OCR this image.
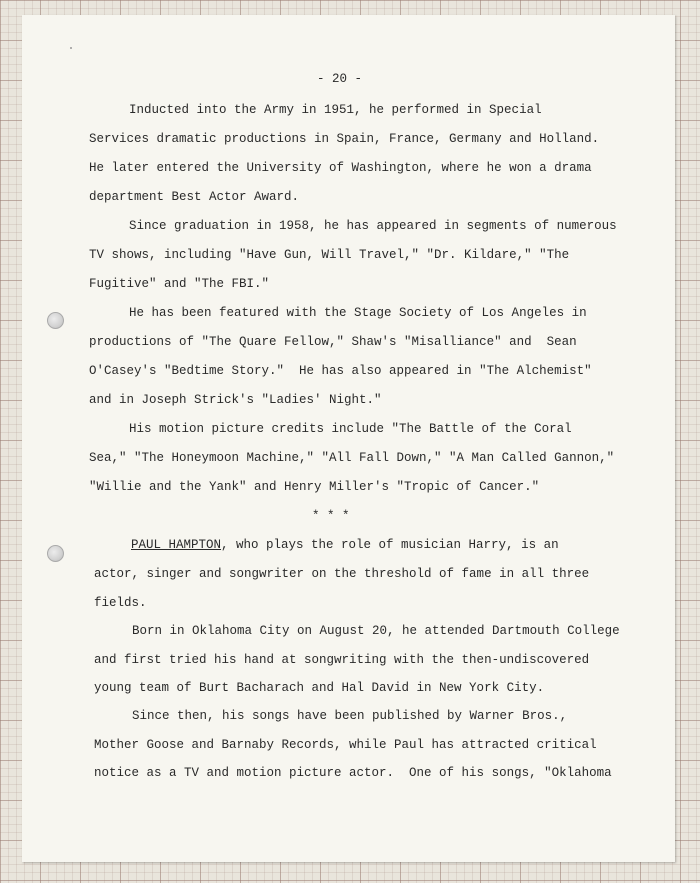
- 20 -
Inducted into the Army in 1951, he performed in Special
Services dramatic productions in Spain, France, Germany and Holland.
He later entered the University of Washington, where he won a drama
department Best Actor Award.
Since graduation in 1958, he has appeared in segments of numerous
TV shows, including "Have Gun, Will Travel," "Dr. Kildare," "The
Fugitive" and "The FBI."
He has been featured with the Stage Society of Los Angeles in
productions of "The Quare Fellow," Shaw's "Misalliance" and  Sean
O'Casey's "Bedtime Story."  He has also appeared in "The Alchemist"
and in Joseph Strick's "Ladies' Night."
His motion picture credits include "The Battle of the Coral
Sea," "The Honeymoon Machine," "All Fall Down," "A Man Called Gannon,"
"Willie and the Yank" and Henry Miller's "Tropic of Cancer."
* * *
PAUL HAMPTON, who plays the role of musician Harry, is an
actor, singer and songwriter on the threshold of fame in all three
fields.
Born in Oklahoma City on August 20, he attended Dartmouth College
and first tried his hand at songwriting with the then-undiscovered
young team of Burt Bacharach and Hal David in New York City.
Since then, his songs have been published by Warner Bros.,
Mother Goose and Barnaby Records, while Paul has attracted critical
notice as a TV and motion picture actor.  One of his songs, "Oklahoma
